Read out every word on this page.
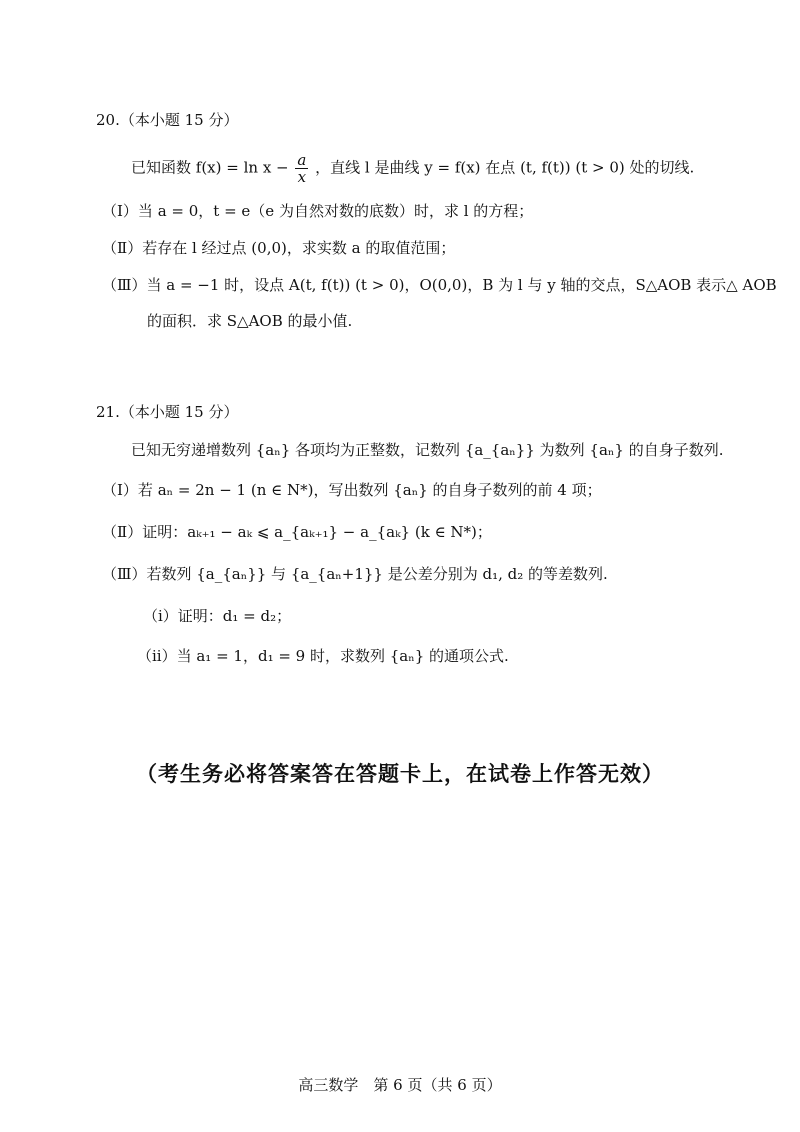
20.（本小题 15 分）
已知函数 $f(x) = \ln x - \frac{a}{x}$ ，直线 l 是曲线 y = f(x) 在点 (t, f(t)) (t > 0) 处的切线.
（Ⅰ）当 a = 0，t = e（e 为自然对数的底数）时，求 l 的方程；
（Ⅱ）若存在 l 经过点 (0,0)，求实数 a 的取值范围；
（Ⅲ）当 a = −1 时，设点 A(t, f(t)) (t > 0)，O(0,0)，B 为 l 与 y 轴的交点，S△AOB 表示△ AOB
的面积．求 S△AOB 的最小值.
21.（本小题 15 分）
已知无穷递增数列 {aₙ} 各项均为正整数，记数列 {a_{aₙ}} 为数列 {aₙ} 的自身子数列.
（Ⅰ）若 aₙ = 2n − 1 (n ∈ N*)，写出数列 {aₙ} 的自身子数列的前 4 项；
（Ⅱ）证明：aₖ₊₁ − aₖ ⩽ a_{aₖ₊₁} − a_{aₖ} (k ∈ N*)；
（Ⅲ）若数列 {a_{aₙ}} 与 {a_{aₙ+1}} 是公差分别为 d₁, d₂ 的等差数列.
（i）证明：d₁ = d₂；
（ii）当 a₁ = 1，d₁ = 9 时，求数列 {aₙ} 的通项公式.
（考生务必将答案答在答题卡上，在试卷上作答无效）
高三数学　第 6 页（共 6 页）
